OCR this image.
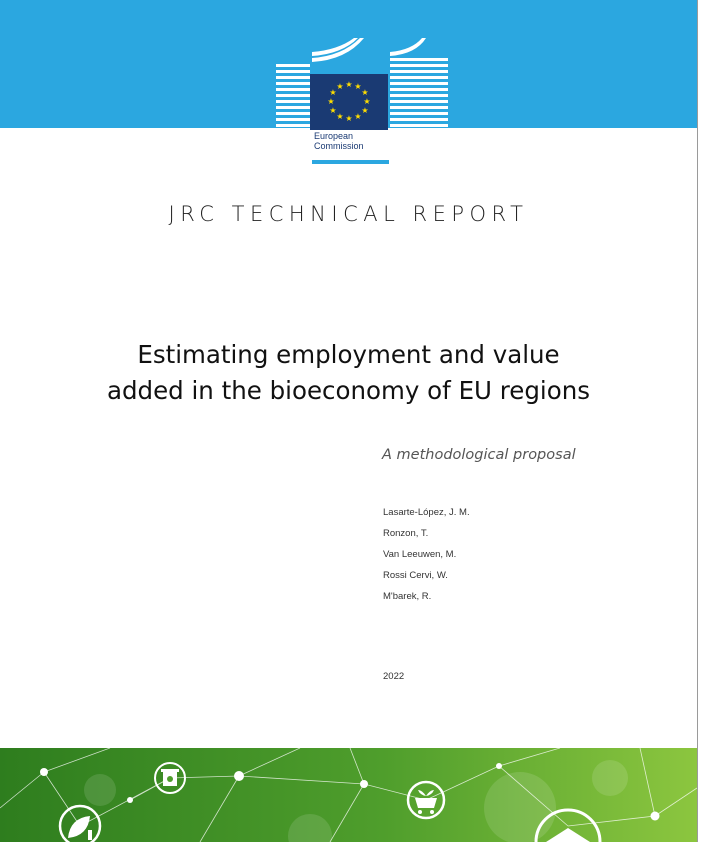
★ ★
★
★
★
★
★
★
★
★
★
★
European
Commission
JRC TECHNICAL REPORT
Estimating employment and value
added in the bioeconomy of EU regions
A methodological proposal
Lasarte-López, J. M.
Ronzon, T.
Van Leeuwen, M.
Rossi Cervi, W.
M'barek, R.
2022
